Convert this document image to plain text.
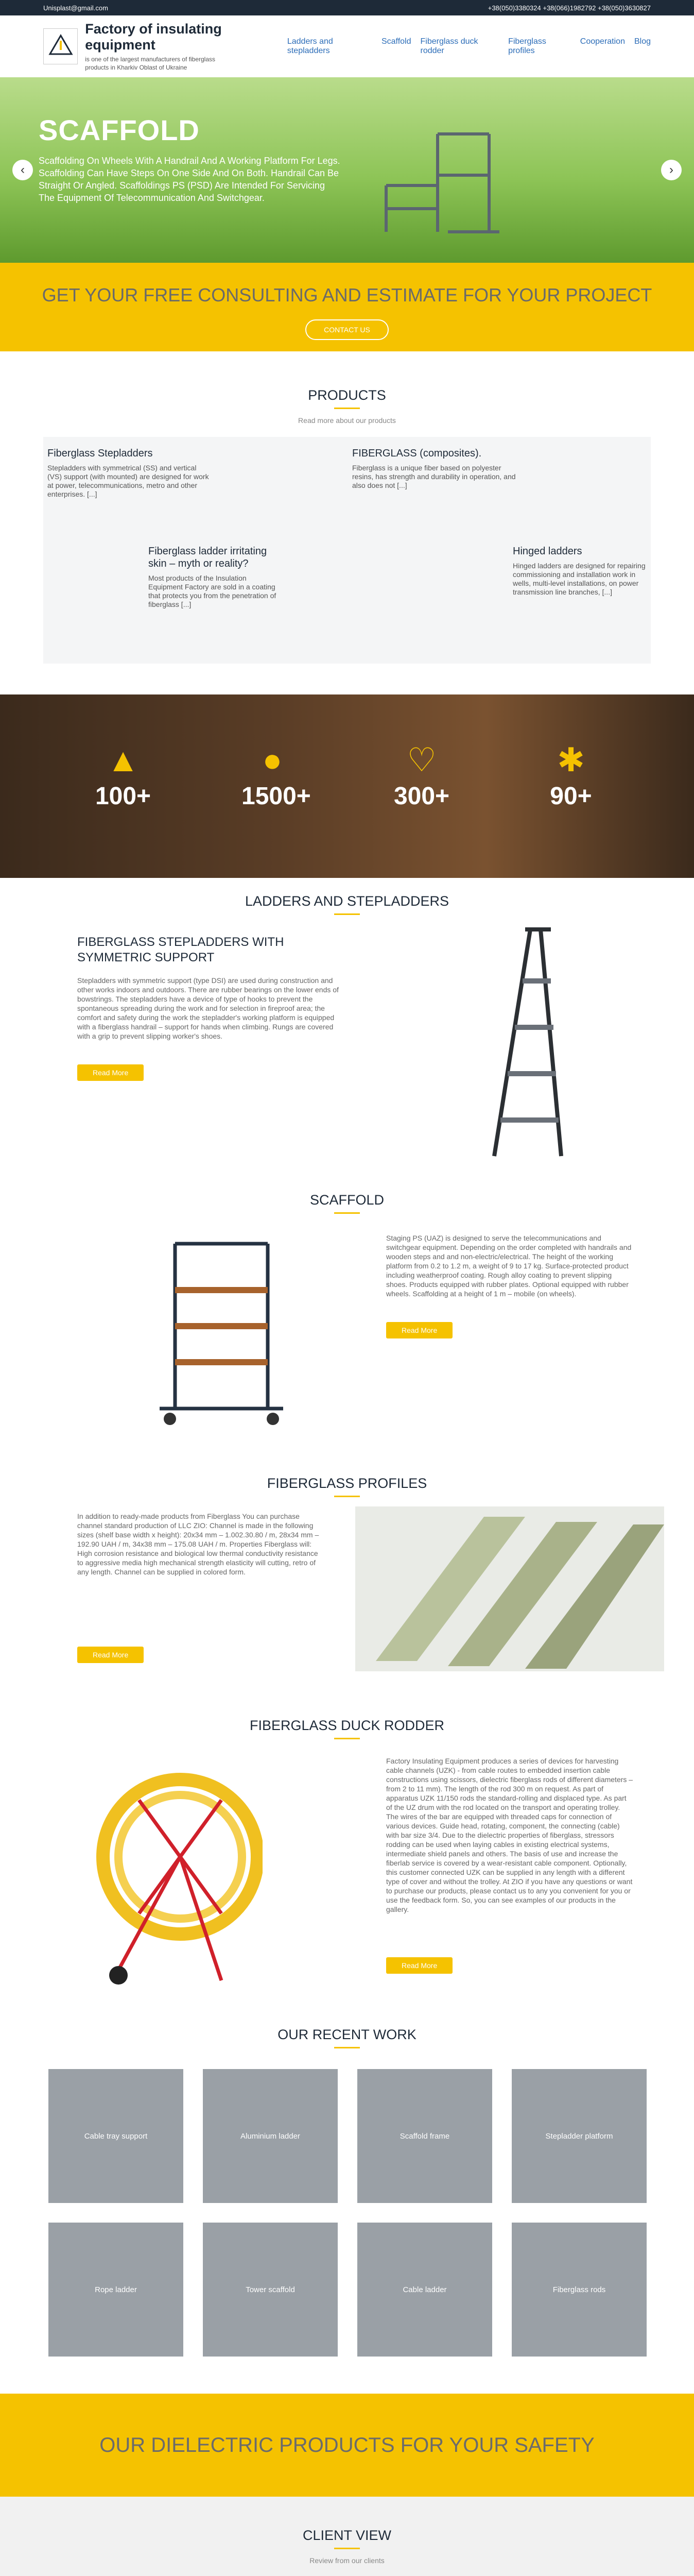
Unisplast@gmail.com	+38(050)3380324 +38(066)1982792 +38(050)3630827
Factory of insulating equipment

is one of the largest manufacturers of fiberglass products in Kharkiv Oblast of Ukraine

Ladders and stepladders
Scaffold Fiberglass duck rodder
Fiberglass profiles
Cooperation Blog
SCAFFOLD

Scaffolding On Wheels With A Handrail And A Working Platform For Legs. Scaffolding Can Have Steps On One Side And On Both. Handrail Can Be Straight Or Angled. Scaffoldings PS (PSD) Are Intended For Servicing The Equipment Of Telecommunication And Switchgear.

‹	›
GET YOUR FREE CONSULTING AND ESTIMATE FOR YOUR PROJECT
CONTACT US
PRODUCTS

Read more about our products

Fiberglass Stepladders

Stepladders with symmetrical (SS) and vertical (VS) support (with mounted) are designed for work at power, telecommunications, metro and other enterprises. [...]

FIBERGLASS (composites).

Fiberglass is a unique fiber based on polyester resins, has strength and durability in operation, and also does not [...]

Fiberglass ladder irritating skin – myth or reality?

Most products of the Insulation Equipment Factory are sold in a coating that protects you from the penetration of fiberglass [...]

Hinged ladders

Hinged ladders are designed for repairing commissioning and installation work in wells, multi-level installations, on power transmission line branches, [...]

▲
100+
●
1500+
♡
300+
✱
90+
LADDERS AND STEPLADDERS
FIBERGLASS STEPLADDERS WITH SYMMETRIC SUPPORT

Stepladders with symmetric support (type DSI) are used during construction and other works indoors and outdoors. There are rubber bearings on the lower ends of bowstrings. The stepladders have a device of type of hooks to prevent the spontaneous spreading during the work and for selection in fireproof area; the comfort and safety during the work the stepladder's working platform is equipped with a fiberglass handrail – support for hands when climbing. Rungs are covered with a grip to prevent slipping worker's shoes.

Read More
SCAFFOLD

Staging PS (UAZ) is designed to serve the telecommunications and switchgear equipment. Depending on the order completed with handrails and wooden steps and and non-electric/electrical. The height of the working platform from 0.2 to 1.2 m, a weight of 9 to 17 kg. Surface-protected product including weatherproof coating. Rough alloy coating to prevent slipping shoes. Products equipped with rubber plates. Optional equipped with rubber wheels. Scaffolding at a height of 1 m – mobile (on wheels).

Read More
FIBERGLASS PROFILES

In addition to ready-made products from Fiberglass You can purchase channel standard production of LLC ZIO: Channel is made in the following sizes (shelf base width x height): 20x34 mm – 1.002.30.80 / m, 28x34 mm – 192.90 UAH / m, 34x38 mm – 175.08 UAH / m. Properties Fiberglass will: High corrosion resistance and biological low thermal conductivity resistance to aggressive media high mechanical strength elasticity will cutting, retro of any length. Channel can be supplied in colored form.

Read More
FIBERGLASS DUCK RODDER

Factory Insulating Equipment produces a series of devices for harvesting cable channels (UZK) - from cable routes to embedded insertion cable constructions using scissors, dielectric fiberglass rods of different diameters – from 2 to 11 mm). The length of the rod 300 m on request. As part of apparatus UZK 11/150 rods the standard-rolling and displaced type. As part of the UZ drum with the rod located on the transport and operating trolley. The wires of the bar are equipped with threaded caps for connection of various devices. Guide head, rotating, component, the connecting (cable) with bar size 3/4. Due to the dielectric properties of fiberglass, stressors rodding can be used when laying cables in existing electrical systems, intermediate shield panels and others. The basis of use and increase the fiberlab service is covered by a wear-resistant cable component. Optionally, this customer connected UZK can be supplied in any length with a different type of cover and without the trolley. At ZIO if you have any questions or want to purchase our products, please contact us to any you convenient for you or use the feedback form. So, you can see examples of our products in the gallery.

Read More
OUR RECENT WORK
Cable tray support	Aluminium ladder	Scaffold frame	Stepladder platform
Rope ladder	Tower scaffold	Cable ladder	Fiberglass rods
OUR DIELECTRIC PRODUCTS FOR YOUR SAFETY
CLIENT VIEW

Review from our clients
